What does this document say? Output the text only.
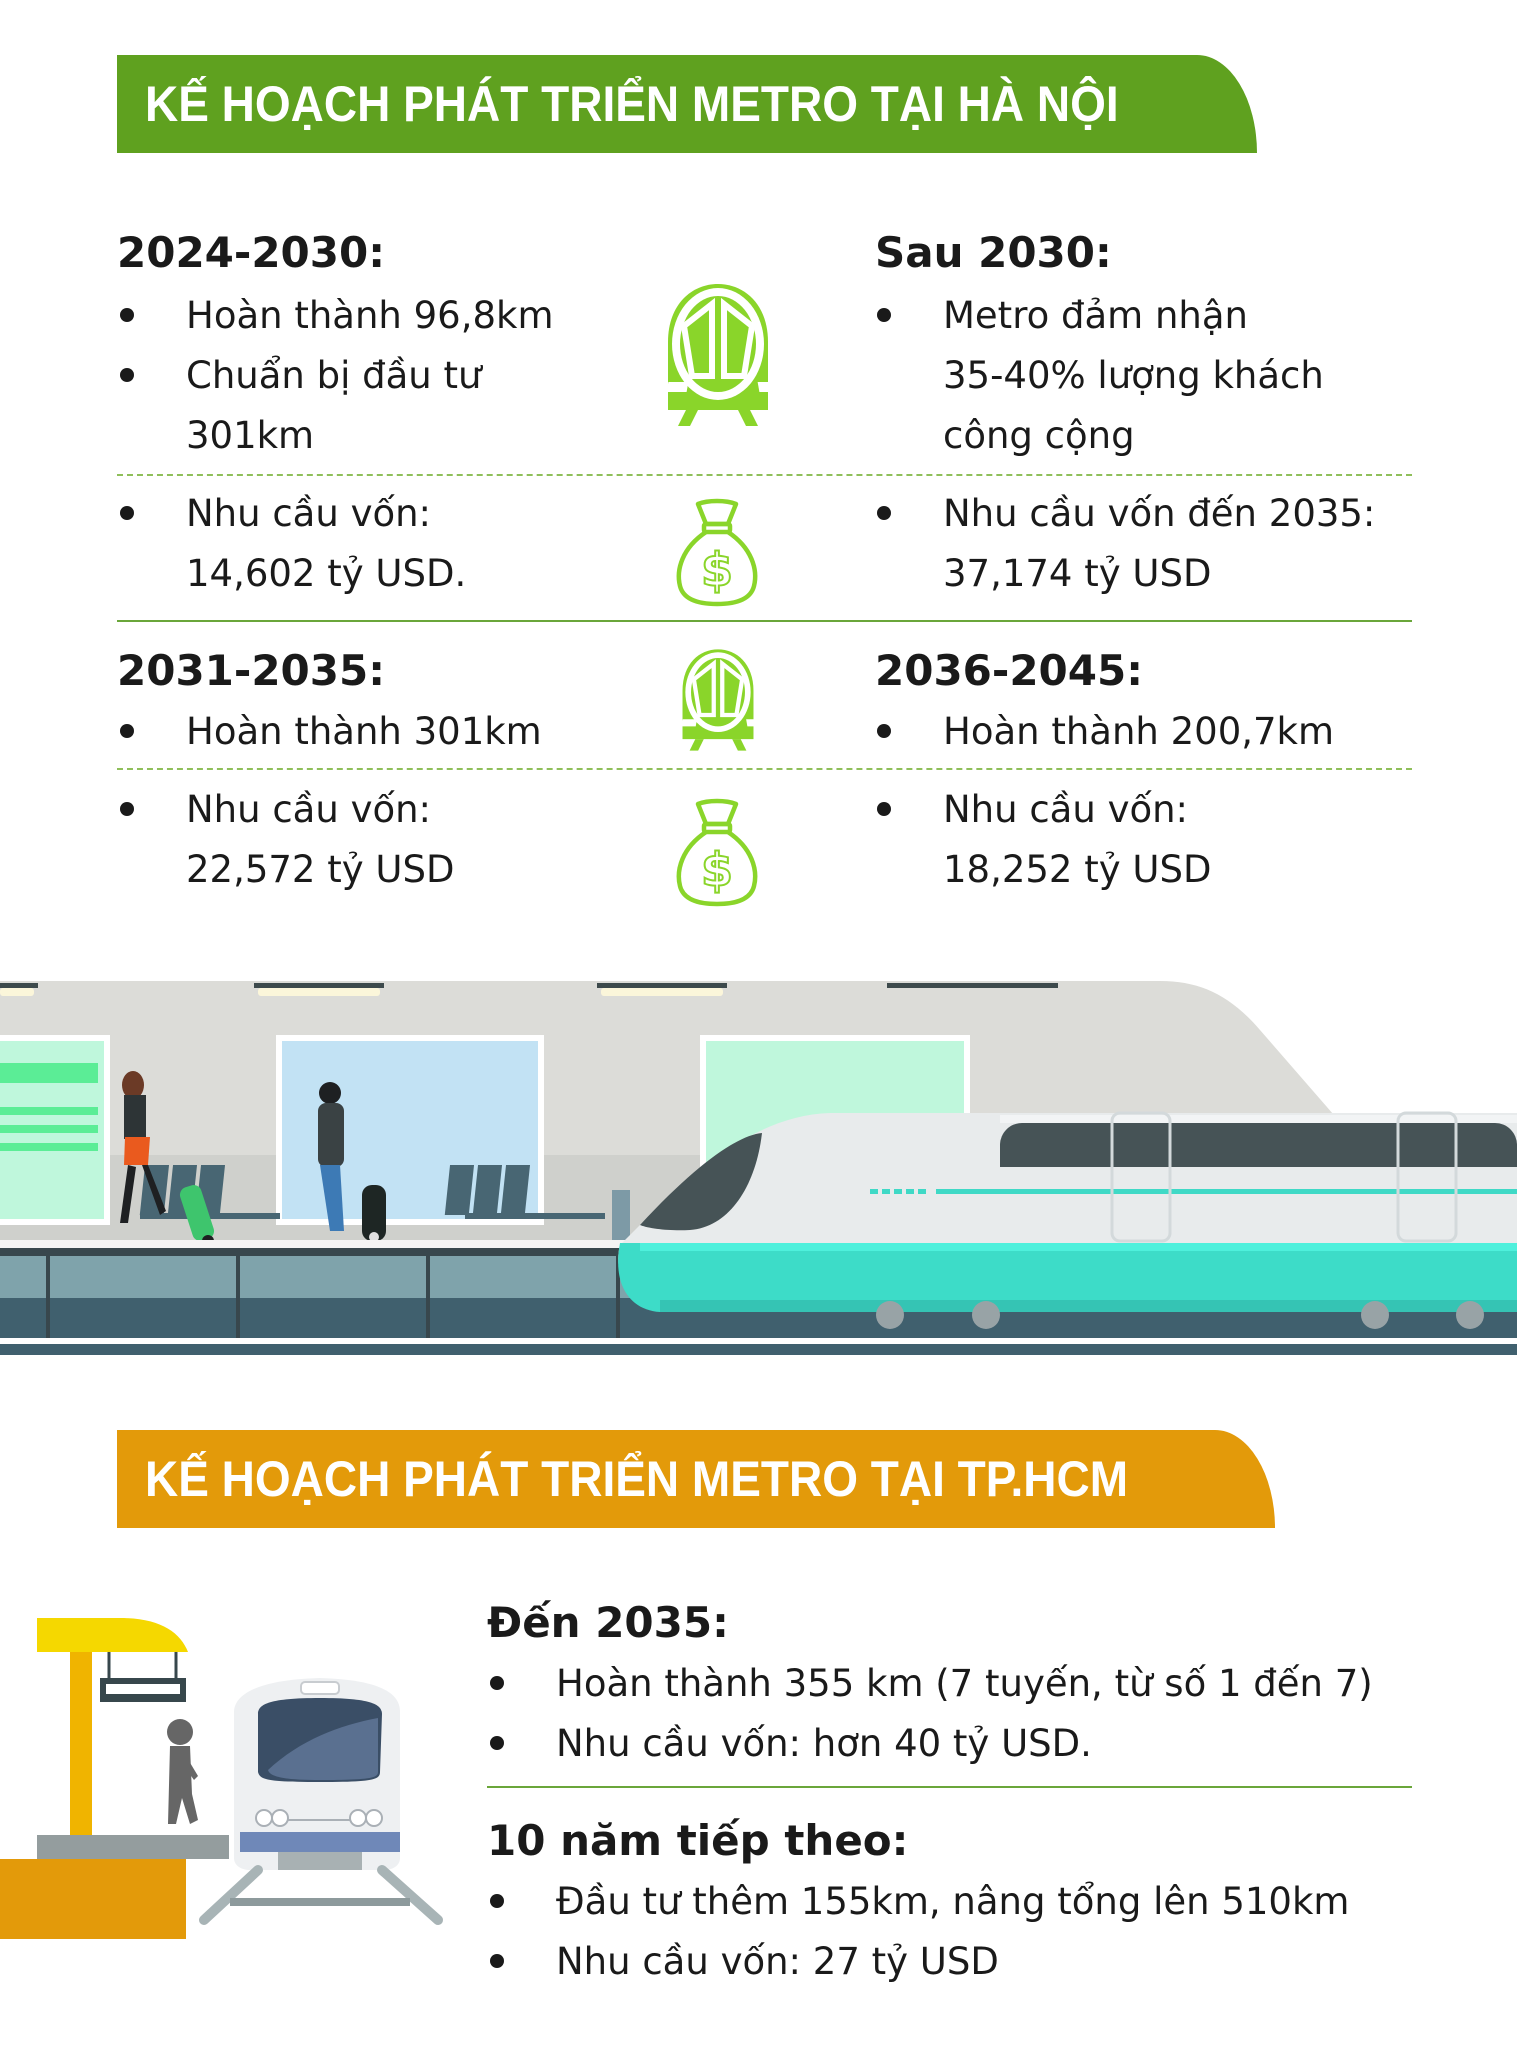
KẾ HOẠCH PHÁT TRIỂN METRO TẠI HÀ NỘI
2024-2030:
Hoàn thành 96,8km
Chuẩn bị đầu tư
301km
Sau 2030:
Metro đảm nhận
35-40% lượng khách
công cộng
Nhu cầu vốn:
14,602 tỷ USD.
Nhu cầu vốn đến 2035:
37,174 tỷ USD
$
2031-2035:
Hoàn thành 301km
2036-2045:
Hoàn thành 200,7km
Nhu cầu vốn:
22,572 tỷ USD
Nhu cầu vốn:
18,252 tỷ USD
$
KẾ HOẠCH PHÁT TRIỂN METRO TẠI TP.HCM
Đến 2035:
Hoàn thành 355 km (7 tuyến, từ số 1 đến 7)
Nhu cầu vốn: hơn 40 tỷ USD.
10 năm tiếp theo:
Đầu tư thêm 155km, nâng tổng lên 510km
Nhu cầu vốn: 27 tỷ USD
